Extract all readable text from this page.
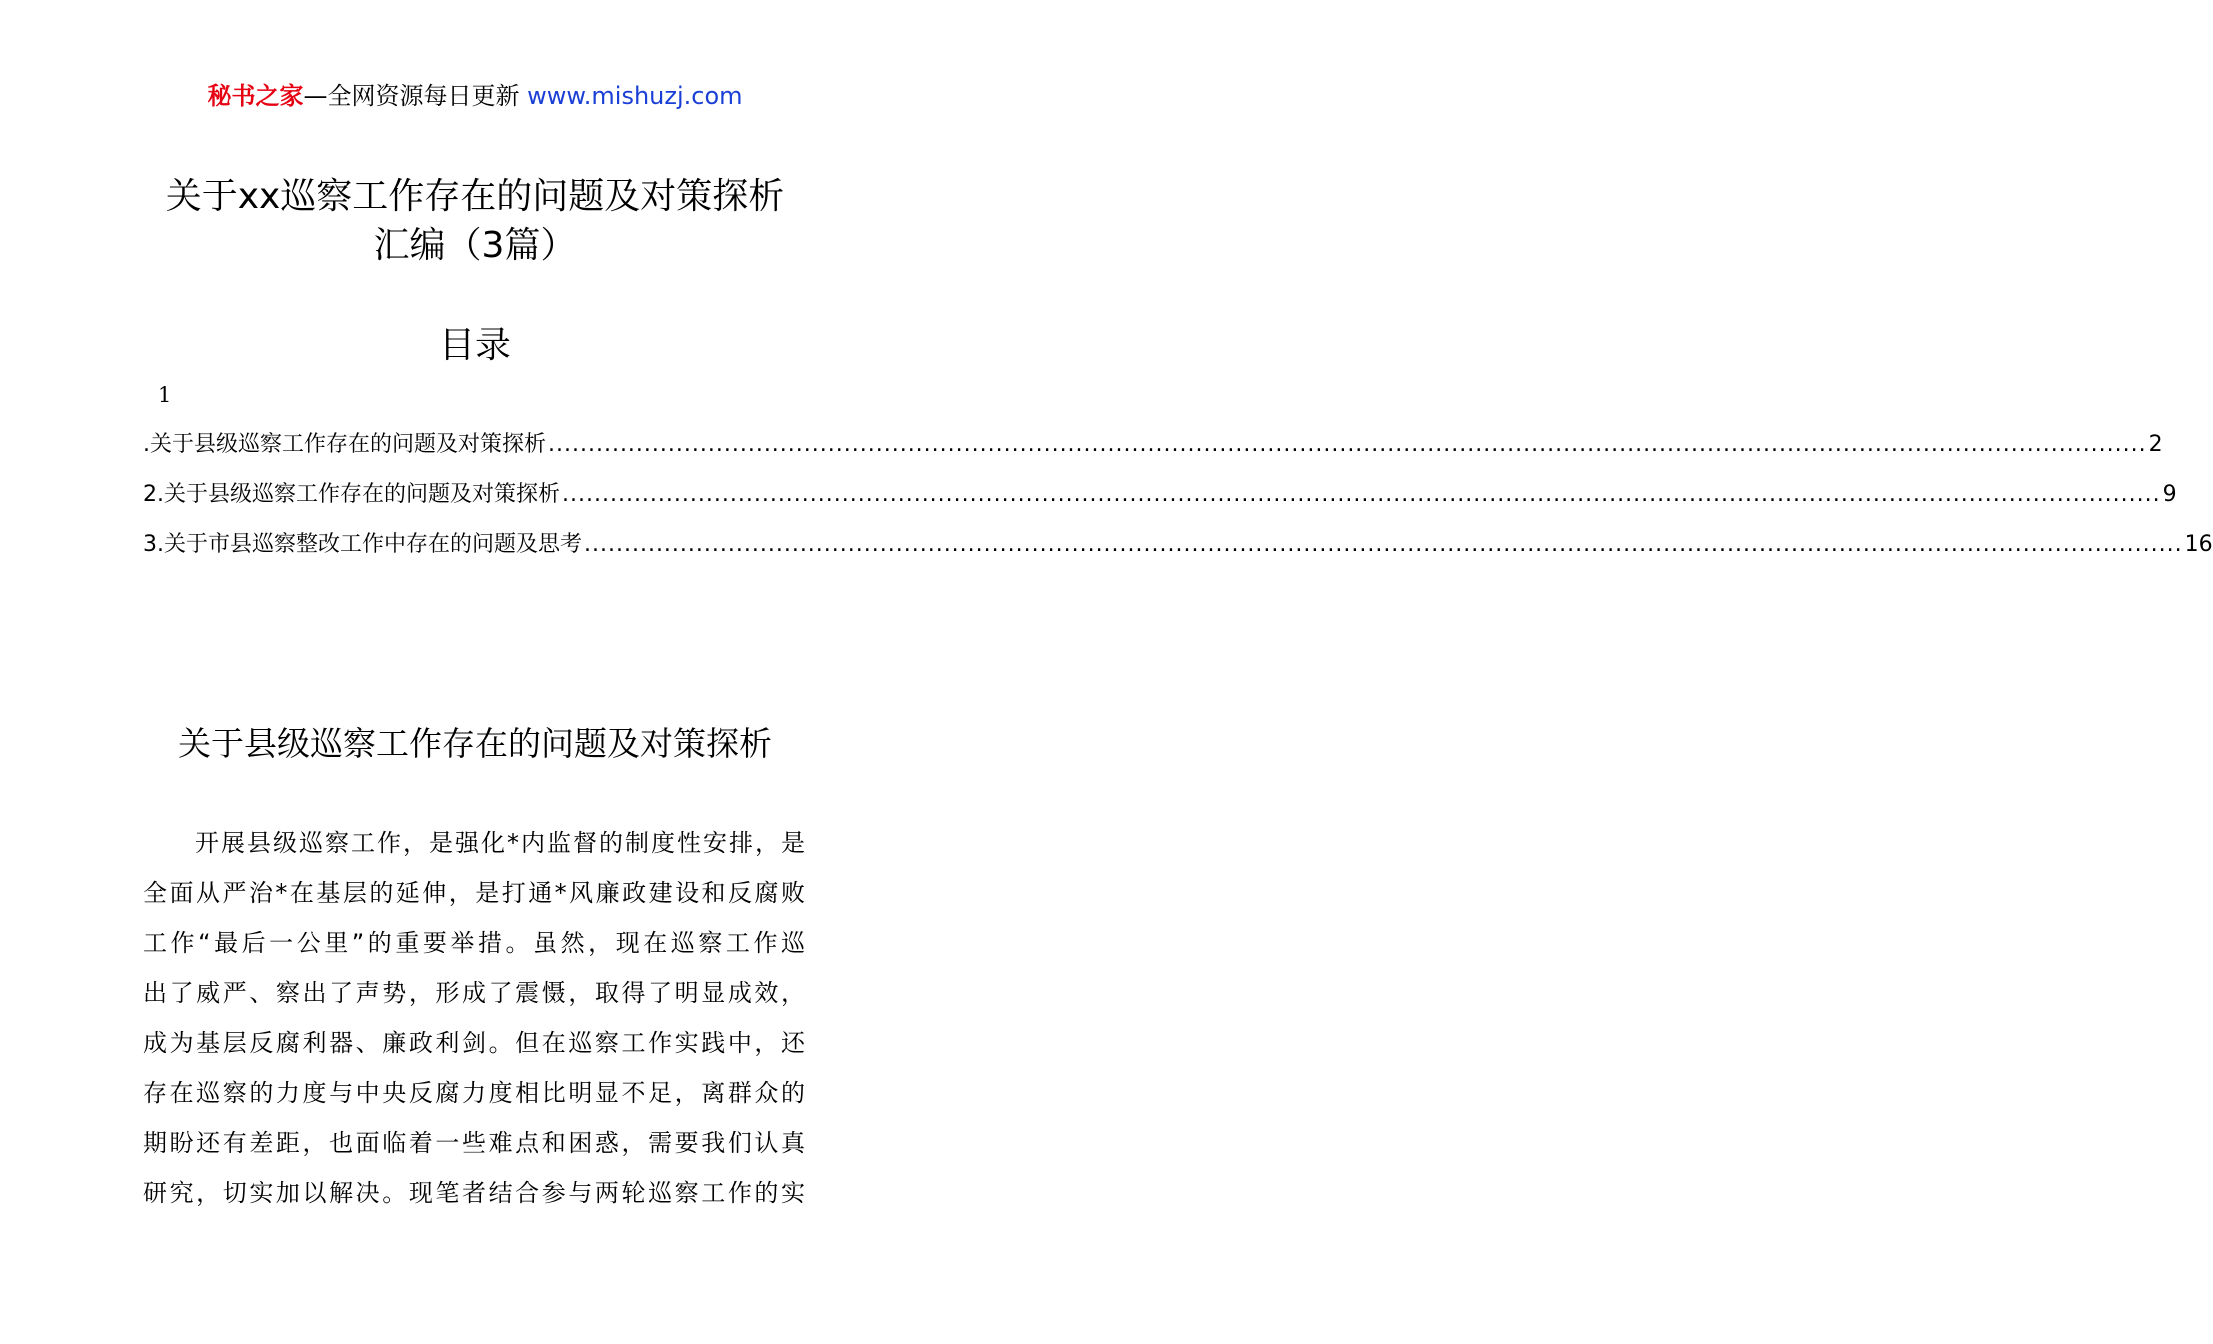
秘书之家—全网资源每日更新 www.mishuzj.com
关于xx巡察工作存在的问题及对策探析
汇编（3篇）
目录
1
.关于县级巡察工作存在的问题及对策探析 ........................................................................................................................................................................................................ 2
2.关于县级巡察工作存在的问题及对策探析 ........................................................................................................................................................................................................ 9
3.关于市县巡察整改工作中存在的问题及思考 ........................................................................................................................................................................................................ 16
关于县级巡察工作存在的问题及对策探析
开展县级巡察工作，是强化*内监督的制度性安排，是
全面从严治*在基层的延伸，是打通*风廉政建设和反腐败
工作“最后一公里”的重要举措。虽然，现在巡察工作巡
出了威严、察出了声势，形成了震慑，取得了明显成效，
成为基层反腐利器、廉政利剑。但在巡察工作实践中，还
存在巡察的力度与中央反腐力度相比明显不足，离群众的
期盼还有差距，也面临着一些难点和困惑，需要我们认真
研究，切实加以解决。现笔者结合参与两轮巡察工作的实
